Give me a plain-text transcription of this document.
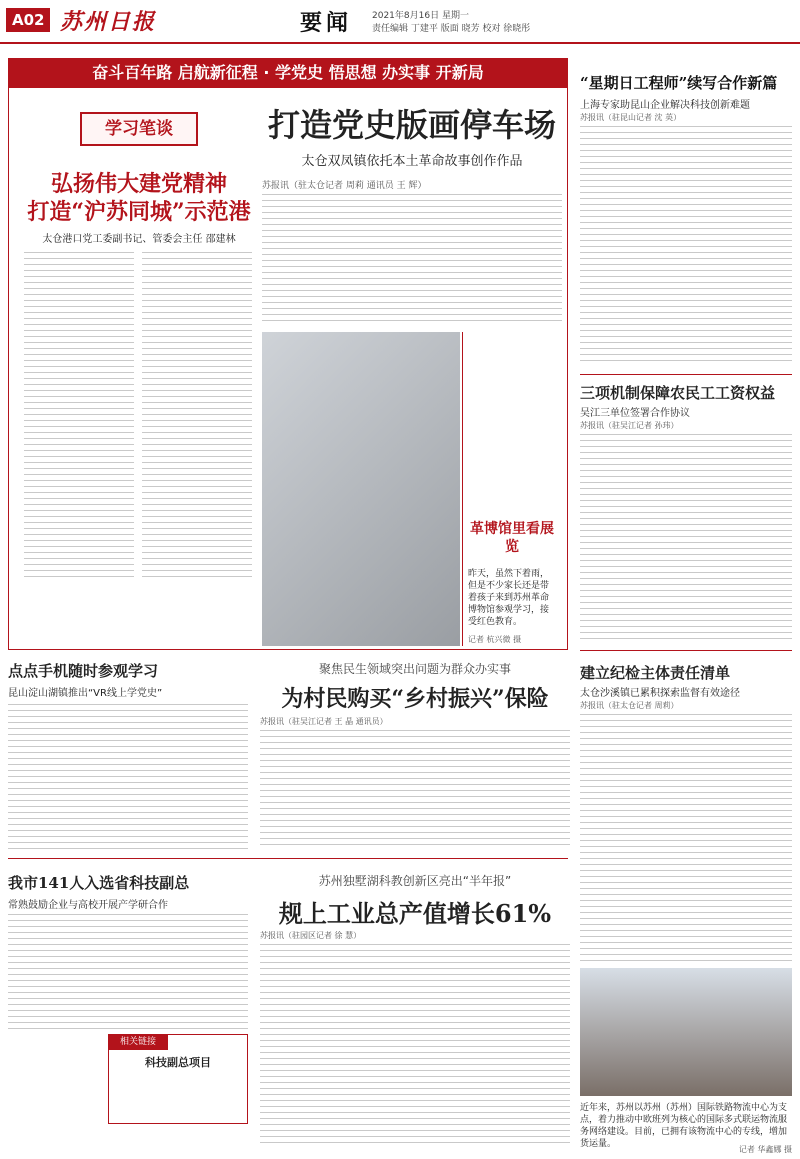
A02 苏州日报	要闻 2021年8月16日 星期一
责任编辑 丁建平 版面 晓芳 校对 徐晓彤
奋斗百年路 启航新征程 · 学党史 悟思想 办实事 开新局
学习笔谈
弘扬伟大建党精神
打造“沪苏同城”示范港
太仓港口党工委副书记、管委会主任 邵建林
打造党史版画停车场
太仓双凤镇依托本土革命故事创作作品
苏报讯（驻太仓记者 周莉 通讯员 王 辉）
革博馆里看展览
昨天，虽然下着雨，但是不少家长还是带着孩子来到苏州革命博物馆参观学习，接受红色教育。
记者 杭兴微 摄
“星期日工程师”续写合作新篇
上海专家助昆山企业解决科技创新难题
苏报讯（驻昆山记者 沈 英）
三项机制保障农民工工资权益
吴江三单位签署合作协议
苏报讯（驻吴江记者 孙玮）
建立纪检主体责任清单
太仓沙溪镇已累积探索监督有效途径
苏报讯（驻太仓记者 周莉）
近年来，苏州以苏州（苏州）国际铁路物流中心为支点，着力推动中欧班列为核心的国际多式联运物流服务网络建设。目前，已拥有该物流中心的专线，增加货运量。
记者 华鑫娜 摄
点点手机随时参观学习
昆山淀山湖镇推出“VR线上学党史”
聚焦民生领域突出问题为群众办实事
为村民购买“乡村振兴”保险
苏报讯（驻吴江记者 王 晶 通讯员）
我市141人入选省科技副总
常熟鼓励企业与高校开展产学研合作
相关链接
科技副总项目
苏州独墅湖科教创新区亮出“半年报”
规上工业总产值增长61%
苏报讯（驻园区记者 徐 慧）
